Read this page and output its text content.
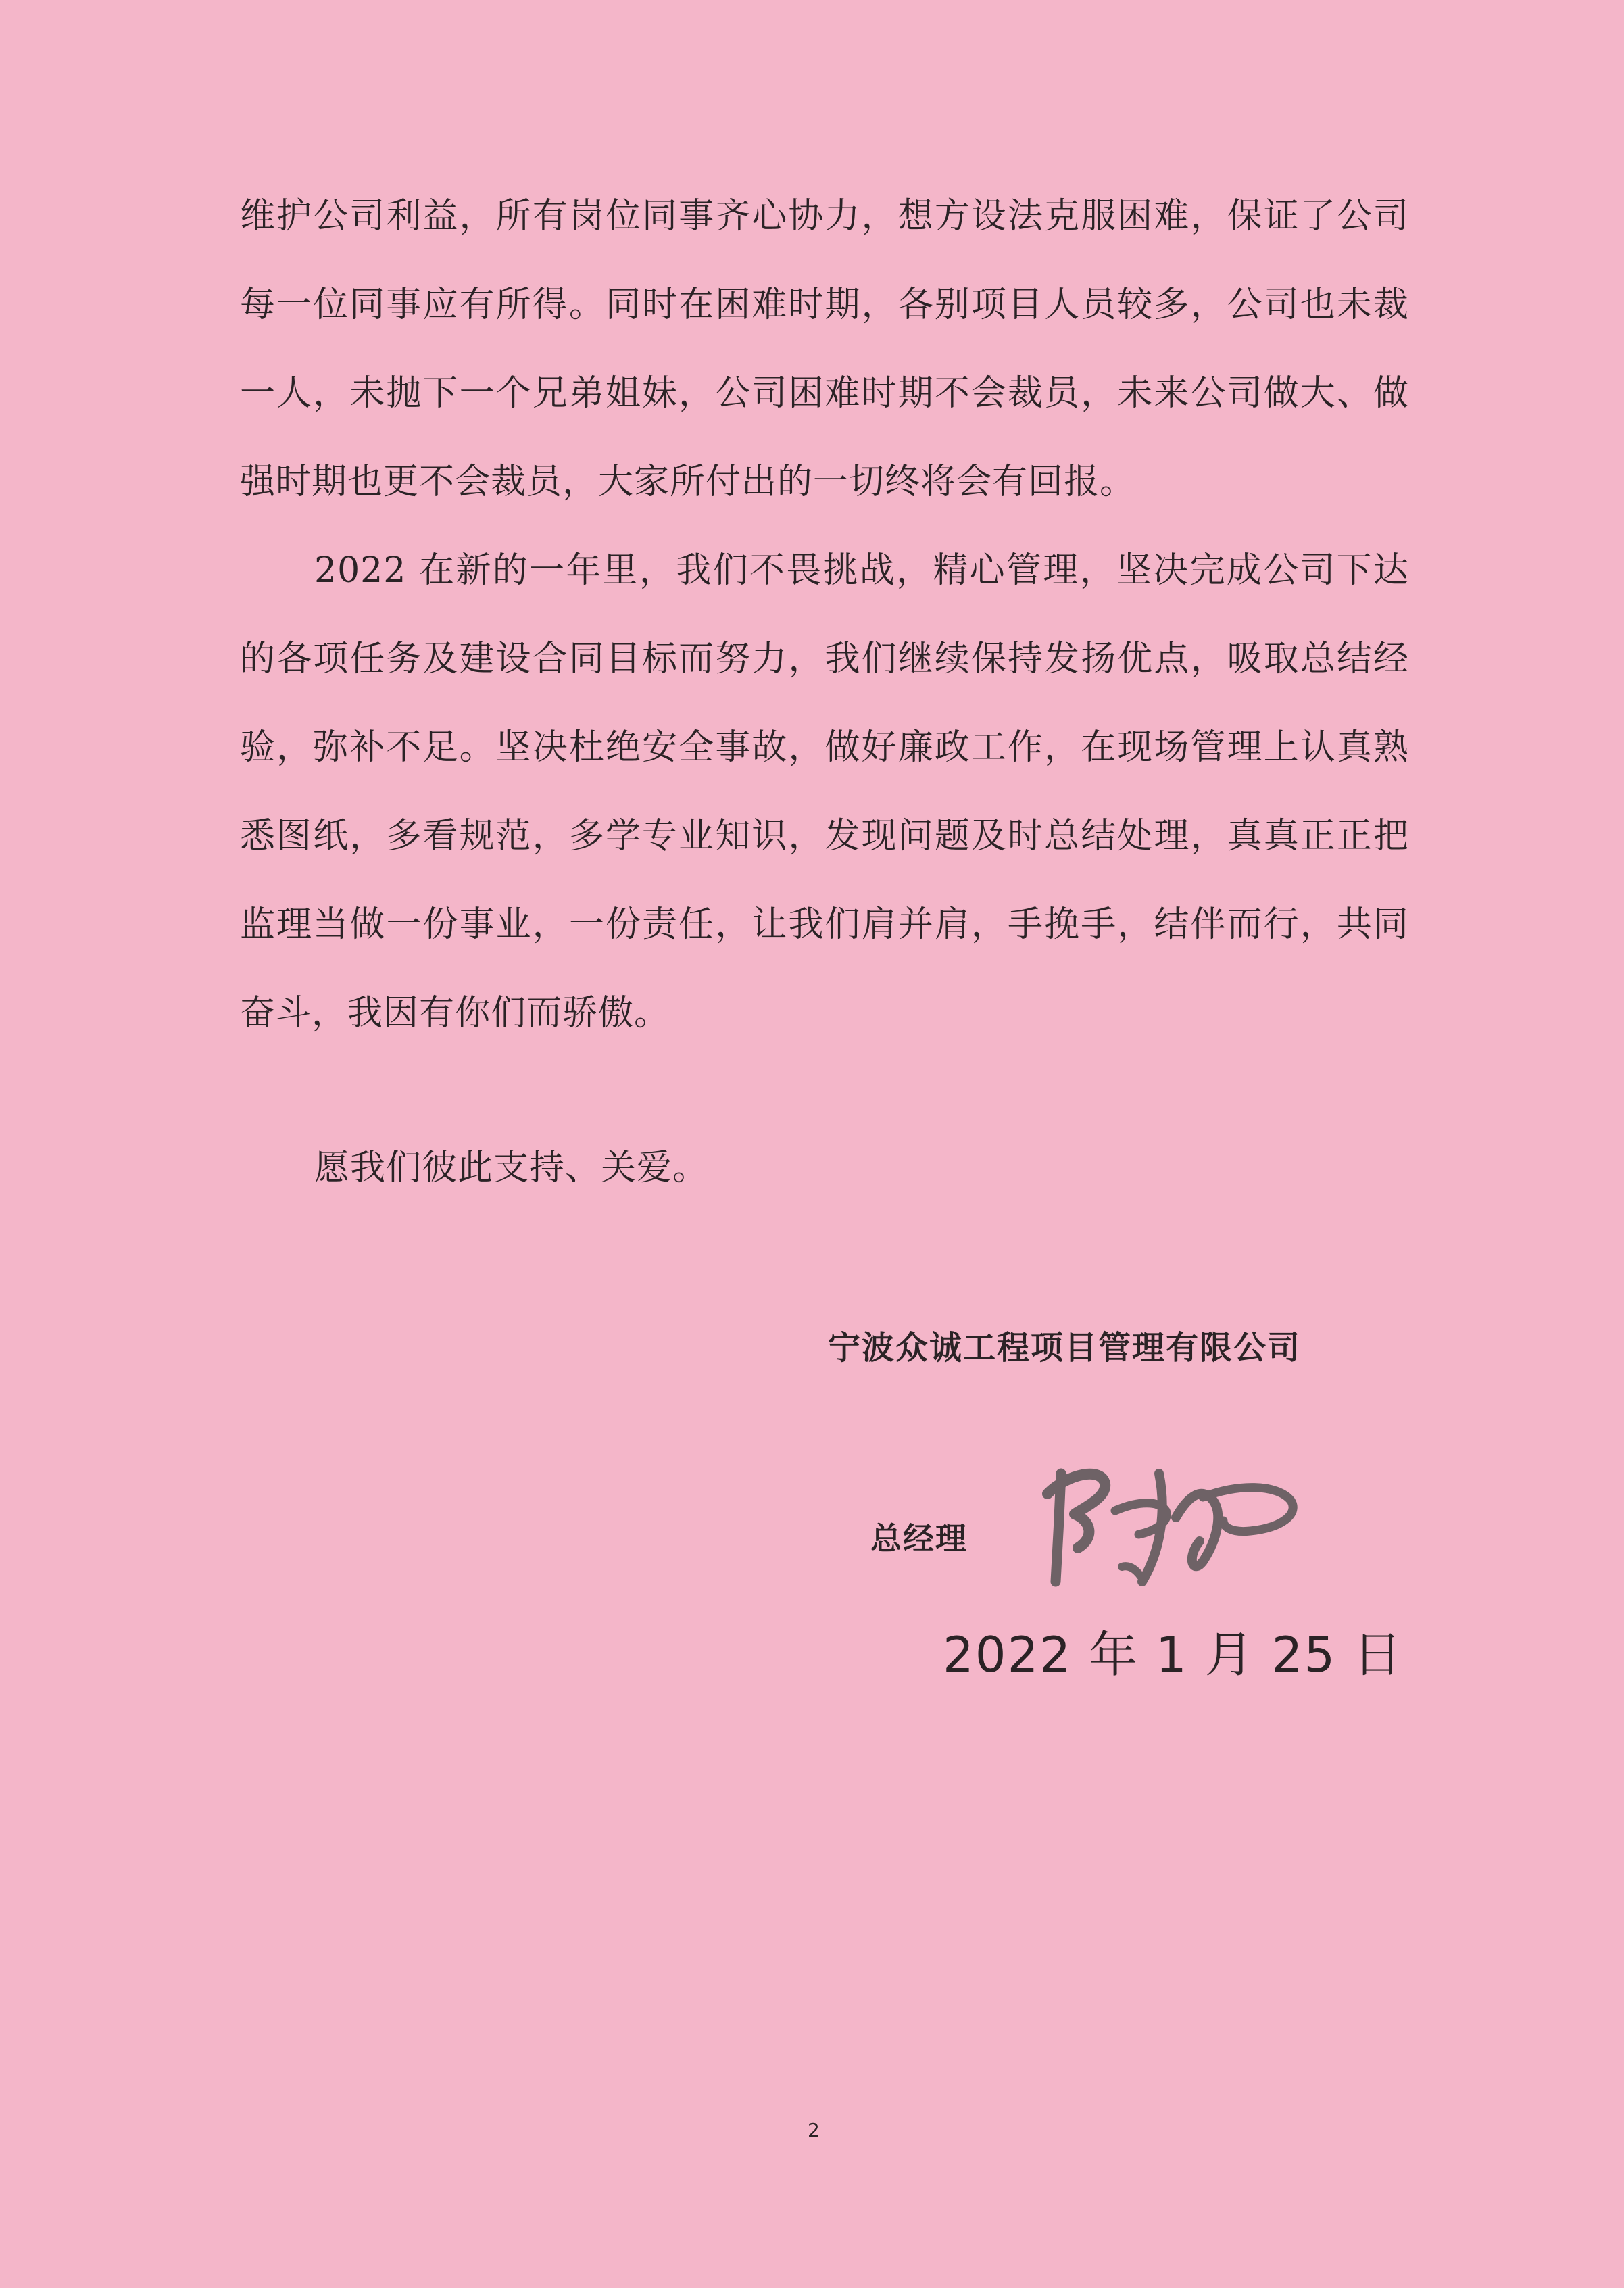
维护公司利益，所有岗位同事齐心协力，想方设法克服困难，保证了公司每一位同事应有所得。同时在困难时期，各别项目人员较多，公司也未裁一人，未抛下一个兄弟姐妹，公司困难时期不会裁员，未来公司做大、做强时期也更不会裁员，大家所付出的一切终将会有回报。

2022 在新的一年里，我们不畏挑战，精心管理，坚决完成公司下达的各项任务及建设合同目标而努力，我们继续保持发扬优点，吸取总结经验，弥补不足。坚决杜绝安全事故，做好廉政工作，在现场管理上认真熟悉图纸，多看规范，多学专业知识，发现问题及时总结处理，真真正正把监理当做一份事业，一份责任，让我们肩并肩，手挽手，结伴而行，共同奋斗，我因有你们而骄傲。

愿我们彼此支持、关爱。

宁波众诚工程项目管理有限公司
总经理
2022 年 1 月 25 日
2
